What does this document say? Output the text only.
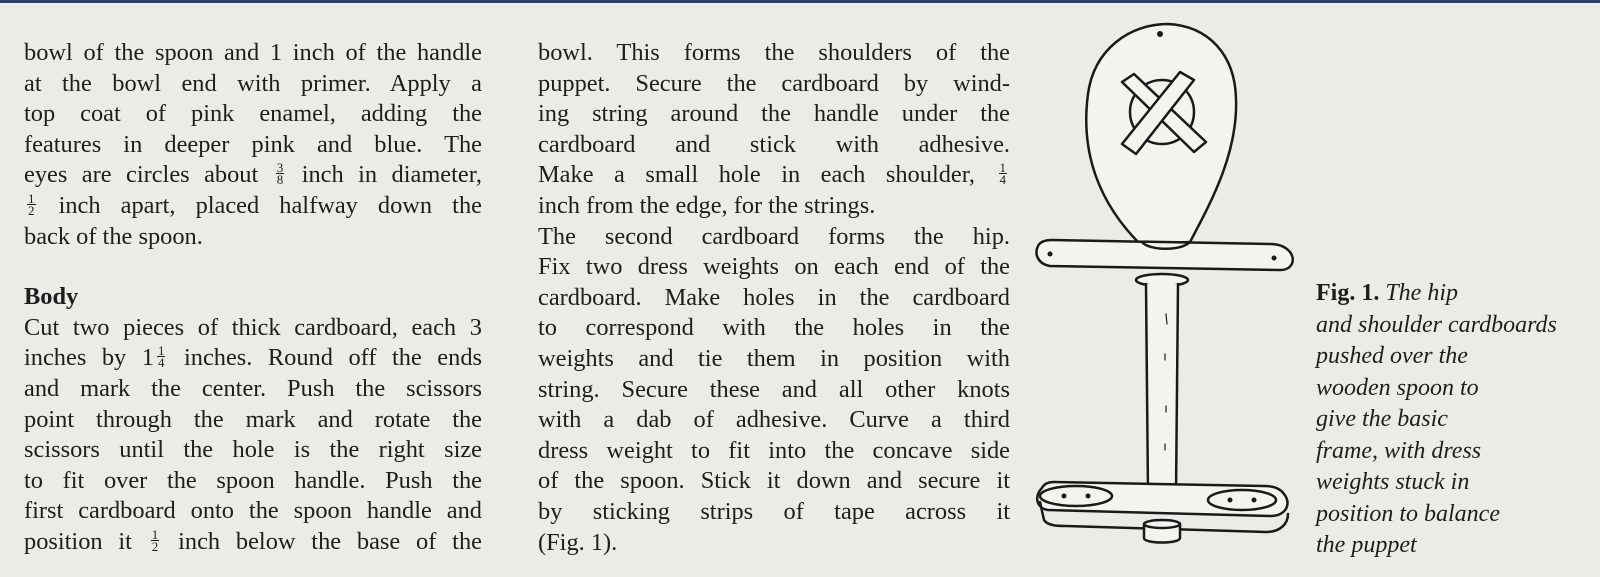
bowl of the spoon and 1 inch of the handle
at the bowl end with primer. Apply a
top coat of pink enamel, adding the
features in deeper pink and blue. The
eyes are circles about $\frac{3}{8}$ inch in diameter,
$\frac{1}{2}$ inch apart, placed halfway down the
back of the spoon.
Body
Cut two pieces of thick cardboard, each 3
inches by $1 \frac{1}{4}$ inches. Round off the ends
and mark the center. Push the scissors
point through the mark and rotate the
scissors until the hole is the right size
to fit over the spoon handle. Push the
first cardboard onto the spoon handle and
position it $\frac{1}{2}$ inch below the base of the
bowl. This forms the shoulders of the
puppet. Secure the cardboard by wind-
ing string around the handle under the
cardboard and stick with adhesive.
Make a small hole in each shoulder, $\frac{1}{4}$
inch from the edge, for the strings.
The second cardboard forms the hip.
Fix two dress weights on each end of the
cardboard. Make holes in the cardboard
to correspond with the holes in the
weights and tie them in position with
string. Secure these and all other knots
with a dab of adhesive. Curve a third
dress weight to fit into the concave side
of the spoon. Stick it down and secure it
by sticking strips of tape across it
(Fig. 1).
Fig. 1. The hip
and shoulder cardboards
pushed over the
wooden spoon to
give the basic
frame, with dress
weights stuck in
position to balance
the puppet
